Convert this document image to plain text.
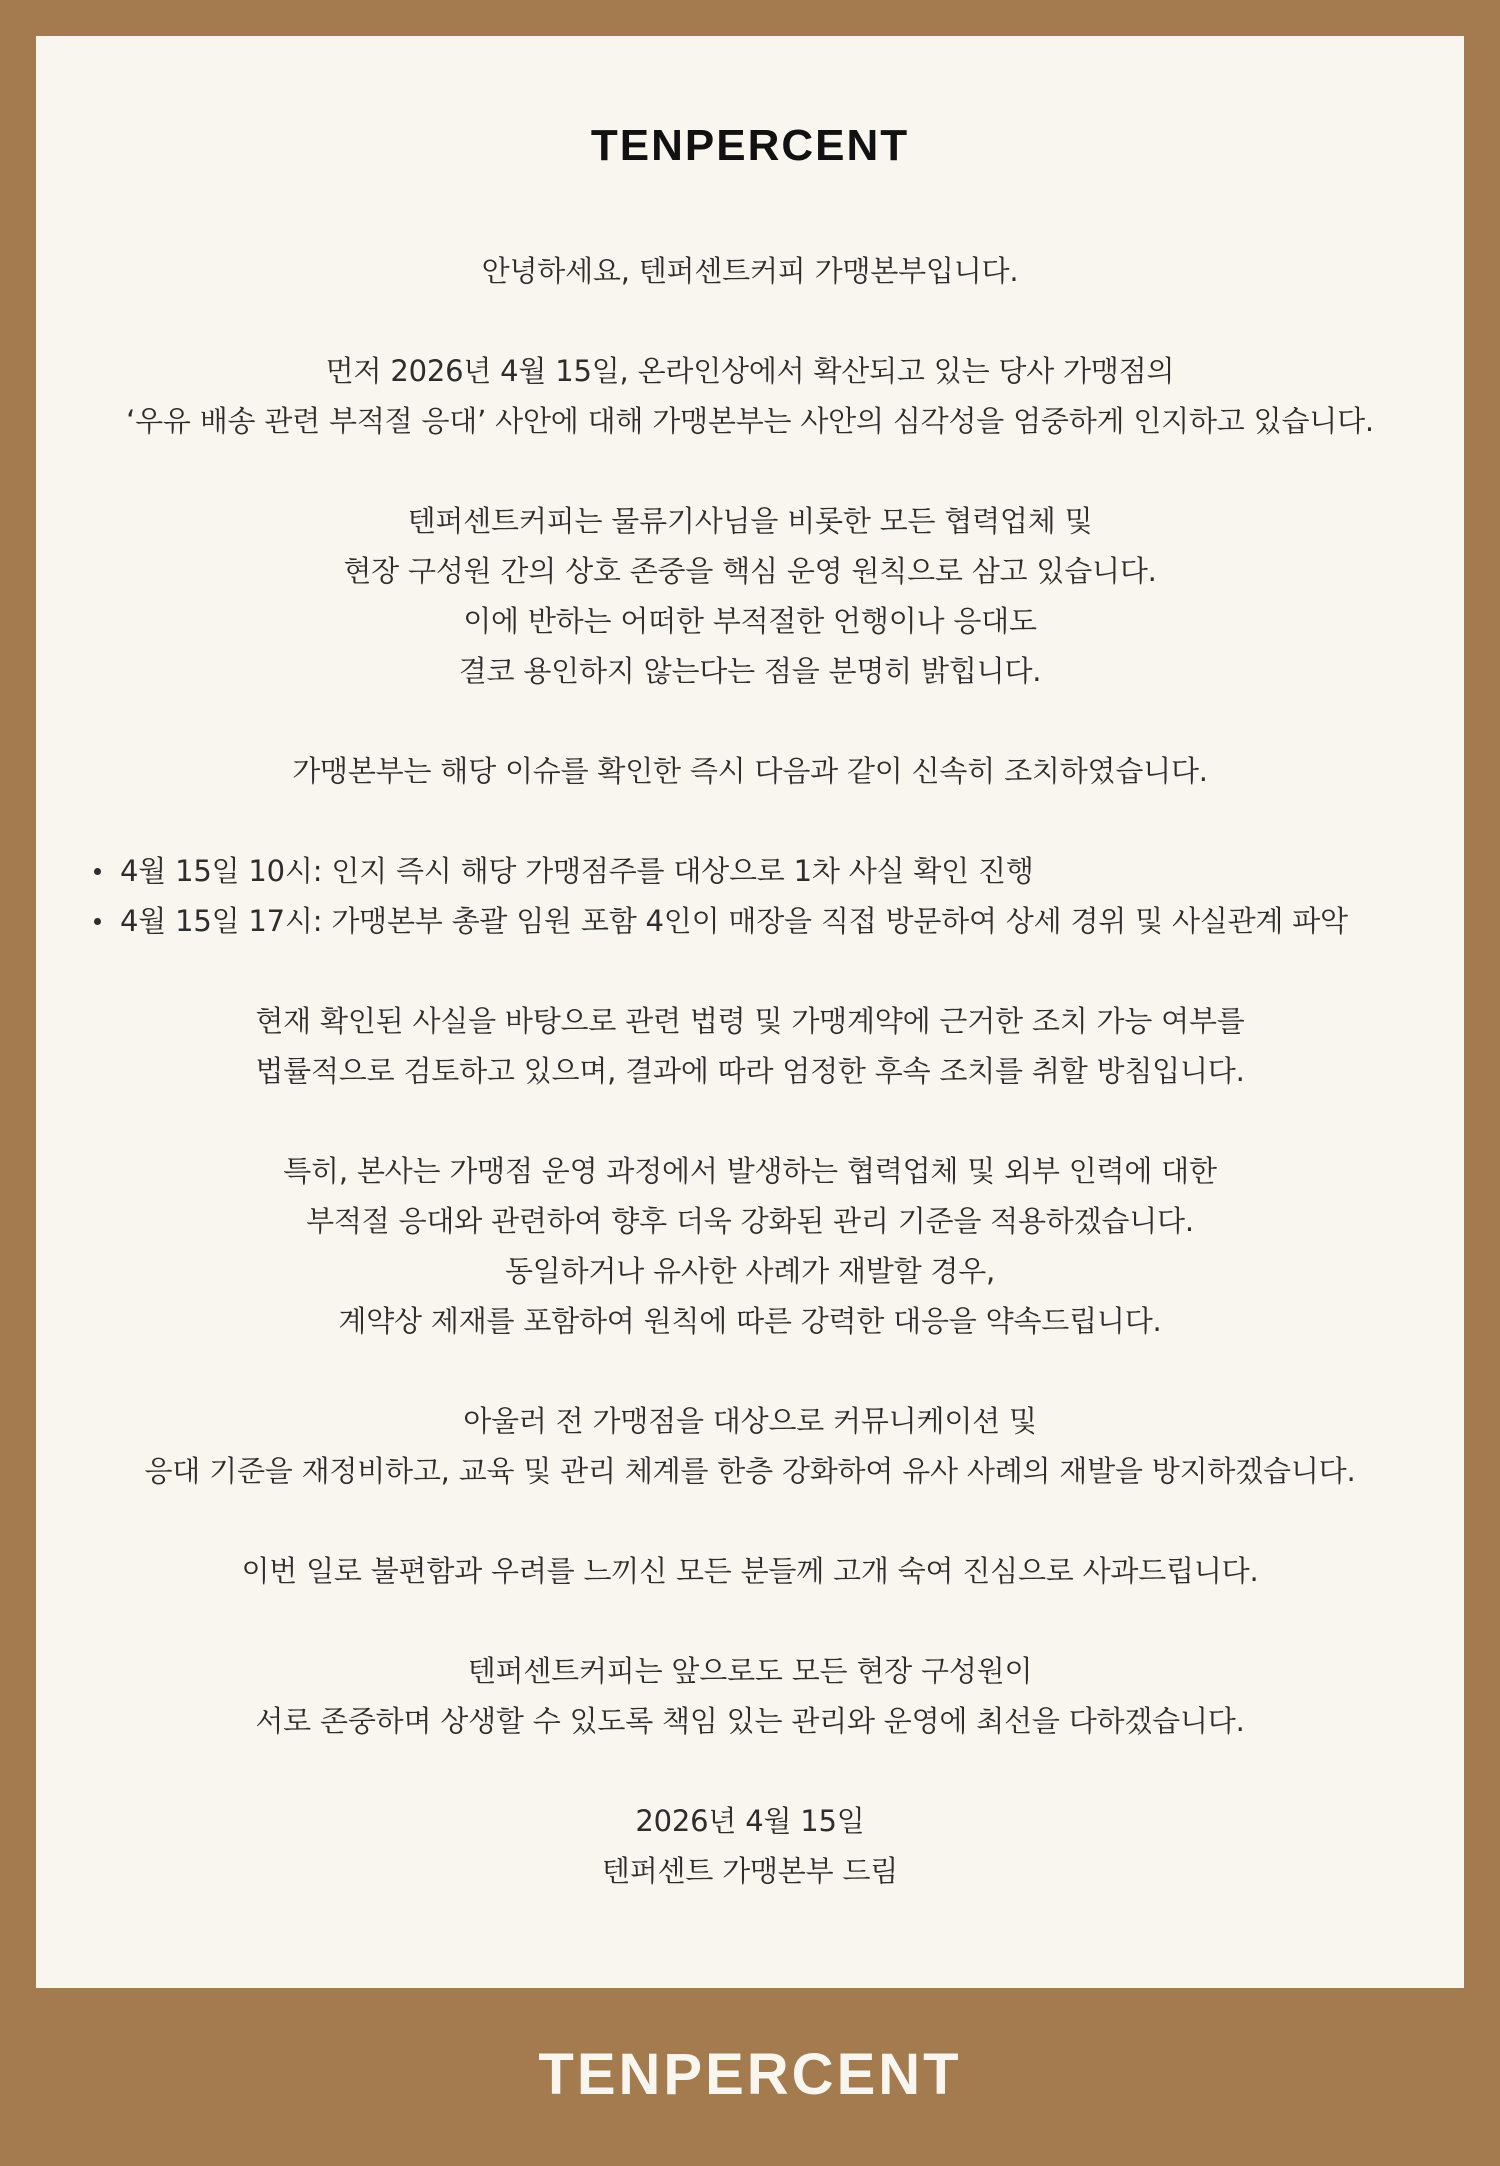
TENPERCENT
안녕하세요, 텐퍼센트커피 가맹본부입니다.
먼저 2026년 4월 15일, 온라인상에서 확산되고 있는 당사 가맹점의
‘우유 배송 관련 부적절 응대’ 사안에 대해 가맹본부는 사안의 심각성을 엄중하게 인지하고 있습니다.
텐퍼센트커피는 물류기사님을 비롯한 모든 협력업체 및
현장 구성원 간의 상호 존중을 핵심 운영 원칙으로 삼고 있습니다.
이에 반하는 어떠한 부적절한 언행이나 응대도
결코 용인하지 않는다는 점을 분명히 밝힙니다.
가맹본부는 해당 이슈를 확인한 즉시 다음과 같이 신속히 조치하였습니다.
4월 15일 10시: 인지 즉시 해당 가맹점주를 대상으로 1차 사실 확인 진행
4월 15일 17시: 가맹본부 총괄 임원 포함 4인이 매장을 직접 방문하여 상세 경위 및 사실관계 파악
현재 확인된 사실을 바탕으로 관련 법령 및 가맹계약에 근거한 조치 가능 여부를
법률적으로 검토하고 있으며, 결과에 따라 엄정한 후속 조치를 취할 방침입니다.
특히, 본사는 가맹점 운영 과정에서 발생하는 협력업체 및 외부 인력에 대한
부적절 응대와 관련하여 향후 더욱 강화된 관리 기준을 적용하겠습니다.
동일하거나 유사한 사례가 재발할 경우,
계약상 제재를 포함하여 원칙에 따른 강력한 대응을 약속드립니다.
아울러 전 가맹점을 대상으로 커뮤니케이션 및
응대 기준을 재정비하고, 교육 및 관리 체계를 한층 강화하여 유사 사례의 재발을 방지하겠습니다.
이번 일로 불편함과 우려를 느끼신 모든 분들께 고개 숙여 진심으로 사과드립니다.
텐퍼센트커피는 앞으로도 모든 현장 구성원이
서로 존중하며 상생할 수 있도록 책임 있는 관리와 운영에 최선을 다하겠습니다.
2026년 4월 15일
텐퍼센트 가맹본부 드림
TENPERCENT
